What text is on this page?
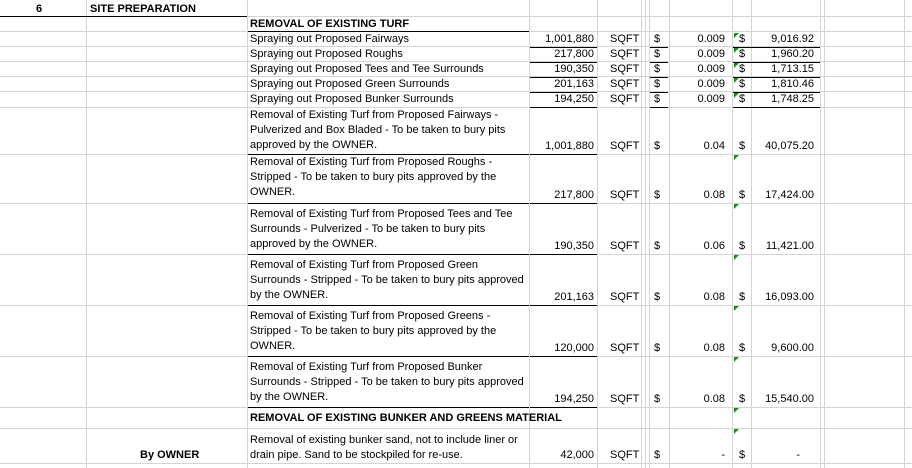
6	SITE PREPARATION
REMOVAL OF EXISTING TURF
Spraying out Proposed Fairways	1,001,880 SQFT $	0.009 $	9,016.92
Spraying out Proposed Roughs	217,800 SQFT $	0.009 $	1,960.20
Spraying out Proposed Tees and Tee Surrounds	190,350 SQFT $	0.009 $	1,713.15
Spraying out Proposed Green Surrounds	201,163 SQFT $	0.009 $	1,810.46
Spraying out Proposed Bunker Surrounds	194,250 SQFT $	0.009 $	1,748.25
Removal of Existing Turf from Proposed Fairways -
Pulverized and Box Bladed - To be taken to bury pits
approved by the OWNER.	1,001,880 SQFT $	0.04 $	40,075.20
Removal of Existing Turf from Proposed Roughs -
Stripped - To be taken to bury pits approved by the
OWNER.	217,800 SQFT $	0.08 $	17,424.00
Removal of Existing Turf from Proposed Tees and Tee
Surrounds - Pulverized - To be taken to bury pits
approved by the OWNER.	190,350 SQFT $	0.06 $	11,421.00
Removal of Existing Turf from Proposed Green
Surrounds - Stripped - To be taken to bury pits approved
by the OWNER.	201,163 SQFT $	0.08 $	16,093.00
Removal of Existing Turf from Proposed Greens -
Stripped - To be taken to bury pits approved by the
OWNER.	120,000 SQFT $	0.08 $	9,600.00
Removal of Existing Turf from Proposed Bunker
Surrounds - Stripped - To be taken to bury pits approved
by the OWNER.	194,250 SQFT $	0.08 $	15,540.00
REMOVAL OF EXISTING BUNKER AND GREENS MATERIAL
By OWNER
Removal of existing bunker sand, not to include liner or
drain pipe. Sand to be stockpiled for re-use.	42,000 SQFT $	- $	-
